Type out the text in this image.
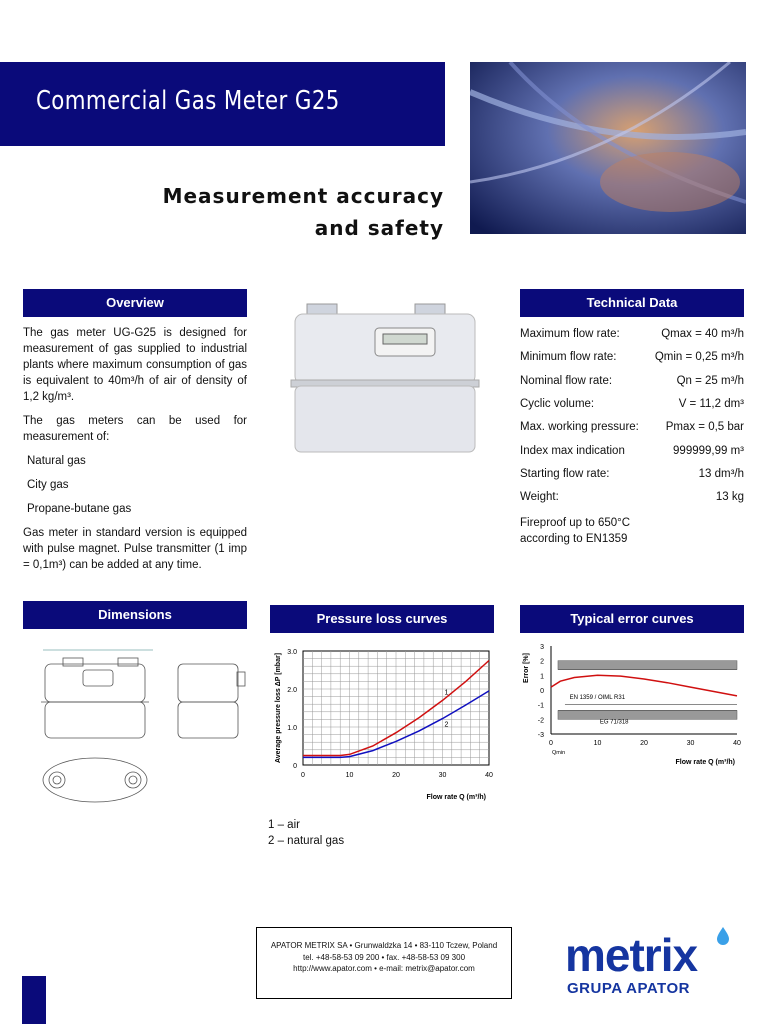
Commercial Gas Meter G25
Measurement accuracy
and safety
Overview

The gas meter UG-G25 is designed for measurement of gas supplied to industrial plants where maximum consumption of gas is equivalent to 40m³/h of air of density of 1,2 kg/m³.

The gas meters can be used for measurement of:

Natural gas

City gas

Propane-butane gas

Gas meter in standard version is equipped with pulse magnet. Pulse transmitter (1 imp = 0,1m³) can be added at any time.

Technical Data
Maximum flow rate:	Qmax = 40 m³/h
Minimum flow rate:	Qmin = 0,25 m³/h
Nominal flow rate:	Qn = 25 m³/h
Cyclic volume:	V = 11,2 dm³
Max. working pressure: Pmax = 0,5 bar
Index max indication	999999,99 m³
Starting flow rate:	13 dm³/h
Weight:	13 kg
Fireproof up to 650°C
according to EN1359
Dimensions	Pressure loss curves
0	10	20	30	40
0
1.0
2.0
3.0
Average pressure loss ΔP [mbar]
Flow rate Q (m³/h)
1
2
1 – air
2 – natural gas
Typical error curves
EN 1359 / OIML R31
EG 71/318
0	10	20	30	40
3
2
1
0
-1
-2
-3
Qmin
Error [%]
Flow rate Q (m³/h)
APATOR METRIX SA • Grunwaldzka 14 • 83-110 Tczew, Poland
tel. +48-58-53 09 200 • fax. +48-58-53 09 300
http://www.apator.com • e-mail: metrix@apator.com	metrix
GRUPA APATOR
